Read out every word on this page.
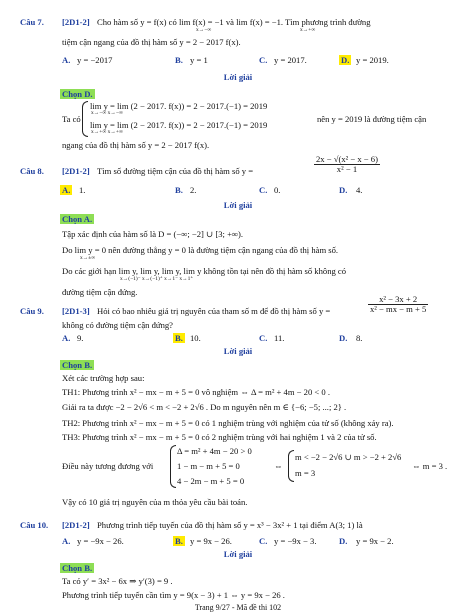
Câu 7. [2D1-2] Cho hàm số y = f(x) có lim f(x) = −1 và lim f(x) = −1. Tìm phương trình đường
x→−∞	x→+∞
tiệm cận ngang của đồ thị hàm số y = 2 − 2017 f(x).
A. y = −2017	B. y = 1	C. y = 2017.	D. y = 2019.
Lời giải
Chọn D.
Ta có
lim y = lim (2 − 2017. f(x)) = 2 − 2017.(−1) = 2019
x→−∞ x→−∞
lim y = lim (2 − 2017. f(x)) = 2 − 2017.(−1) = 2019
x→+∞ x→+∞
nên y = 2019 là đường tiệm cận
ngang của đồ thị hàm số y = 2 − 2017 f(x).
Câu 8. [2D1-2] Tìm số đường tiệm cận của đồ thị hàm số y =	$\frac{\text{2x − √(x² − x − 6)}}{\text{x² − 1}}$
A. 1.	B. 2.	C. 0.	D. 4.
Lời giải
Chọn A.
Tập xác định của hàm số là D = (−∞; −2] ∪ [3; +∞).
Do lim y = 0 nên đường thẳng y = 0 là đường tiệm cận ngang của đồ thị hàm số.
x→±∞
Do các giới hạn lim y, lim y, lim y, lim y không tồn tại nên đồ thị hàm số không có
x→(−1)⁻ x→(−1)⁺ x→1⁻ x→1⁺
đường tiệm cận đứng.
Câu 9. [2D1-3] Hỏi có bao nhiêu giá trị nguyên của tham số m để đồ thị hàm số y =	$\frac{\text{x² − 3x + 2}}{\text{x² − mx − m + 5}}$
không có đường tiệm cận đứng?
A. 9.	B. 10.	C. 11.	D. 8.
Lời giải
Chọn B.
Xét các trường hợp sau:
TH1: Phương trình x² − mx − m + 5 = 0 vô nghiệm ⇔ Δ = m² + 4m − 20 < 0 .
Giải ra ta được −2 − 2√6 < m < −2 + 2√6 . Do m nguyên nên m ∈ {−6; −5; ...; 2} .
TH2: Phương trình x² − mx − m + 5 = 0 có 1 nghiệm trùng với nghiệm của tử số (không xảy ra).
TH3: Phương trình x² − mx − m + 5 = 0 có 2 nghiệm trùng với hai nghiệm 1 và 2 của tử số.
Điều này tương đương với
Δ = m² + 4m − 20 > 0
1 − m − m + 5 = 0
4 − 2m − m + 5 = 0
⇔
m < −2 − 2√6 ∪ m > −2 + 2√6
m = 3
⇔ m = 3 .
Vậy có 10 giá trị nguyên của m thỏa yêu cầu bài toán.
Câu 10. [2D1-2] Phương trình tiếp tuyến của đồ thị hàm số y = x³ − 3x² + 1 tại điểm A(3; 1) là
A. y = −9x − 26.	B. y = 9x − 26.	C. y = −9x − 3.	D. y = 9x − 2.
Lời giải
Chọn B.
Ta có y′ = 3x² − 6x ⇒ y′(3) = 9 .
Phương trình tiếp tuyến cần tìm y = 9(x − 3) + 1 ⇔ y = 9x − 26 .
Trang 9/27 - Mã đề thi 102
